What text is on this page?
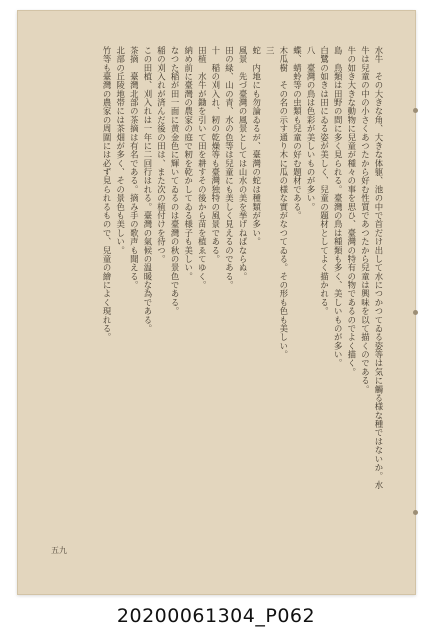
水牛　その大きな角、大きな体躯、池の中で首だけ出して水につかつてゐる姿等は気に觸る様な種ではないか。水
牛は兒童の中の小さくあつたから好む性質であつたから兒童は興味を以て描くのである。
牛の如き大きな動物に兒童が種々の事を思ひ、臺灣の特有の物であるのでよく描く。
島　鳥類は田野の間に多く見られる。臺灣の鳥は種類も多く、美しいものが多い。
白鷺の如きは田にゐる姿が美しく、兒童の題材としてよく描かれる。
八　臺灣の鳥は色彩が美しいものが多い。
蝶、蜻蛉等の虫類も兒童の好む題材である。
木瓜樹　その名の示す通り木に瓜の様な實がなつてゐる。その形も色も美しい。
三
蛇　内地にも勿論ゐるが、臺灣の蛇は種類が多い。
風景　先づ臺灣の風景としては山水の美を挙げねばならぬ。
田の緑、山の青、水の色等は兒童にも美しく見えるのである。
十　稲の刈入れ、籾の乾燥等も臺灣独特の風景である。
田植　水牛が鋤を引いて田を耕すその後から苗を植ゑてゆく。
納め前に臺灣の農家の庭で籾を乾かしてゐる様子も美しい。
なつた稲が田一面に黄金色に輝いてゐるのは臺灣の秋の景色である。
稲の刈入れが済んだ後の田は、また次の植付けを待つ。
この田植、刈入れは一年に二回行はれる。臺灣の氣候の温暖な為である。
茶摘　臺灣北部の茶摘は有名である。摘み手の歌声も聞える。
北部の丘陵地帯には茶畑が多く、その景色も美しい。
竹等も臺灣の農家の周圍には必ず見られるもので、兒童の繪によく現れる。
五九
20200061304_P062
